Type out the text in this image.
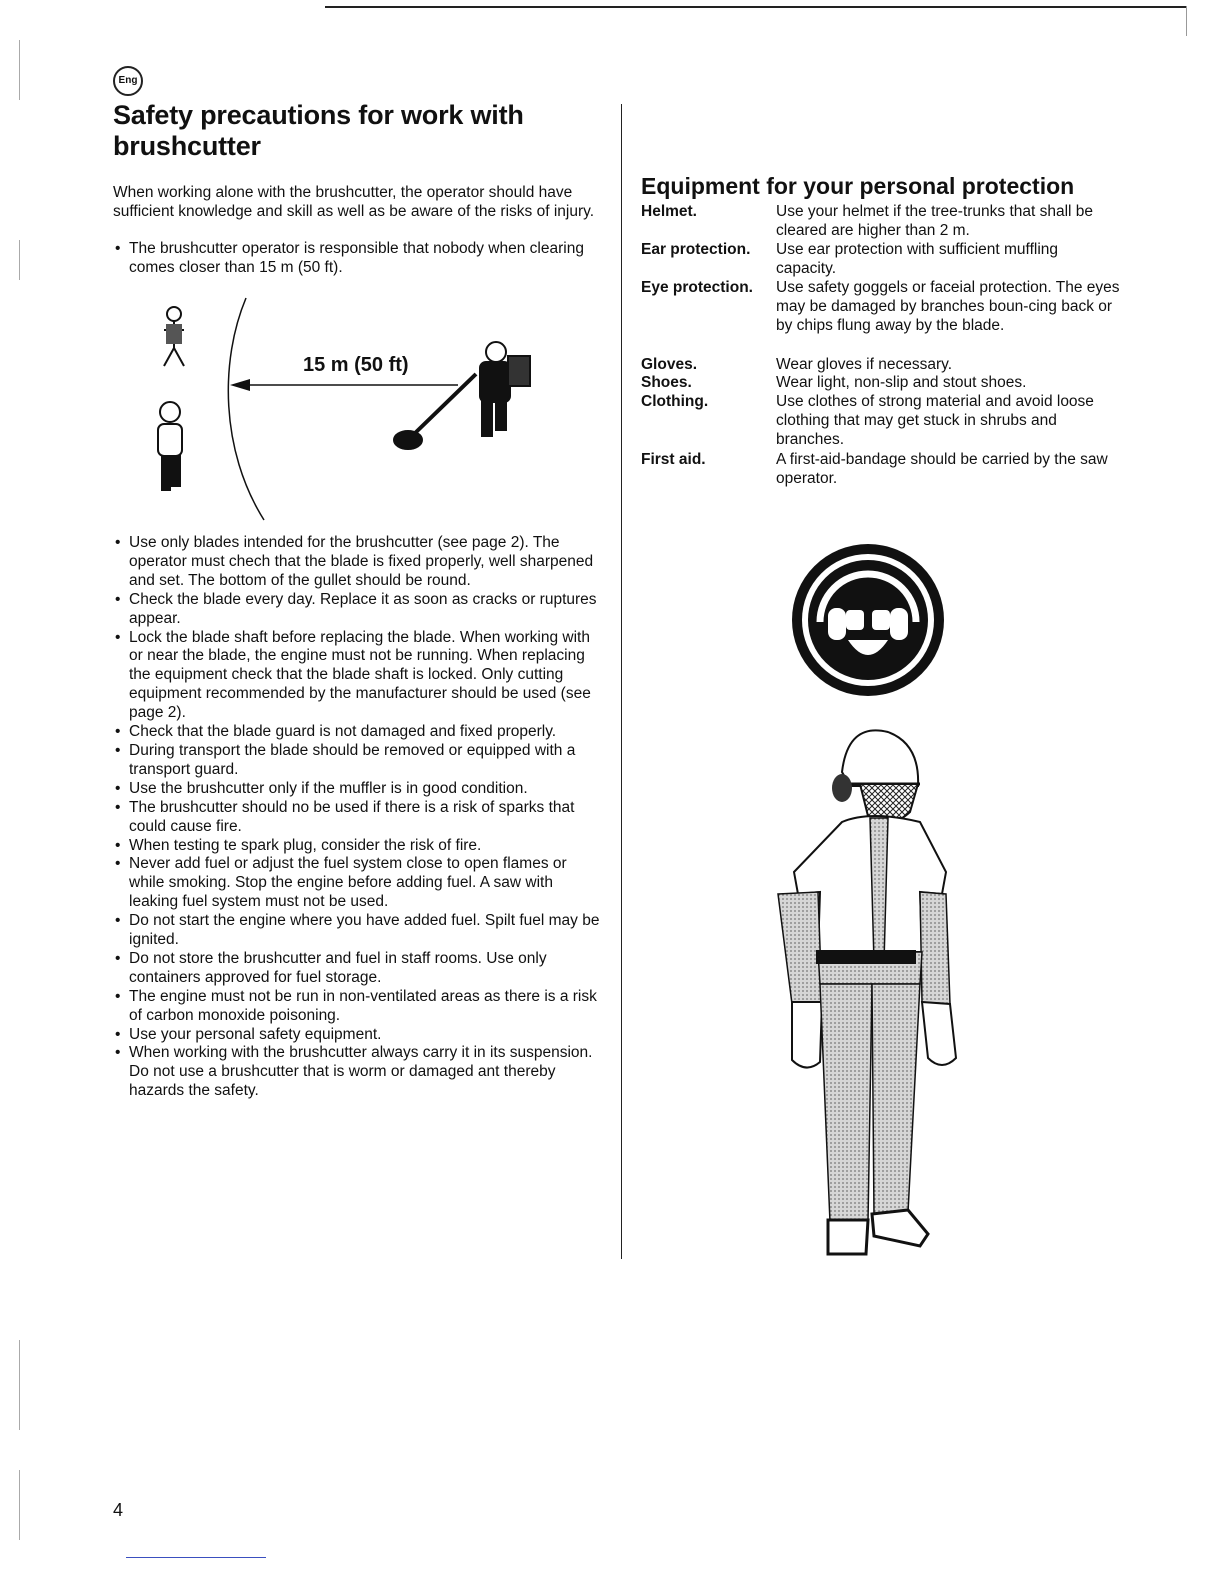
Eng
Safety precautions for work with brushcutter

When working alone with the brushcutter, the operator should have sufficient knowledge and skill as well as be aware of the risks of injury.

• The brushcutter operator is responsible that nobody when clearing comes closer than 15 m (50 ft).
15 m (50 ft)
• Use only blades intended for the brushcutter (see page 2). The operator must chech that the blade is fixed properly, well sharpened and set. The bottom of the gullet should be round.
• Check the blade every day. Replace it as soon as cracks or ruptures appear.
• Lock the blade shaft before replacing the blade. When working with or near the blade, the engine must not be running. When replacing the equipment check that the blade shaft is locked. Only cutting equipment recommended by the manufacturer should be used (see page 2).
• Check that the blade guard is not damaged and fixed properly.
• During transport the blade should be removed or equipped with a transport guard.
• Use the brushcutter only if the muffler is in good condition.
• The brushcutter should no be used if there is a risk of sparks that could cause fire.
• When testing te spark plug, consider the risk of fire.
• Never add fuel or adjust the fuel system close to open flames or while smoking. Stop the engine before adding fuel. A saw with leaking fuel system must not be used.
• Do not start the engine where you have added fuel. Spilt fuel may be ignited.
• Do not store the brushcutter and fuel in staff rooms. Use only containers approved for fuel storage.
• The engine must not be run in non-ventilated areas as there is a risk of carbon monoxide poisoning.
• Use your personal safety equipment.
• When working with the brushcutter always carry it in its suspension. Do not use a brushcutter that is worm or damaged ant thereby hazards the safety.
Equipment for your personal protection
Helmet.	Use your helmet if the tree-trunks that shall be cleared are higher than 2 m.
Ear protection.	Use ear protection with sufficient muffling capacity.
Eye protection.	Use safety goggels or faceial protection. The eyes may be damaged by branches boun-cing back or by chips flung away by the blade.
Gloves.	Wear gloves if necessary.
Shoes.	Wear light, non-slip and stout shoes.
Clothing.	Use clothes of strong material and avoid loose clothing that may get stuck in shrubs and branches.
First aid.	A first-aid-bandage should be carried by the saw operator.
4
